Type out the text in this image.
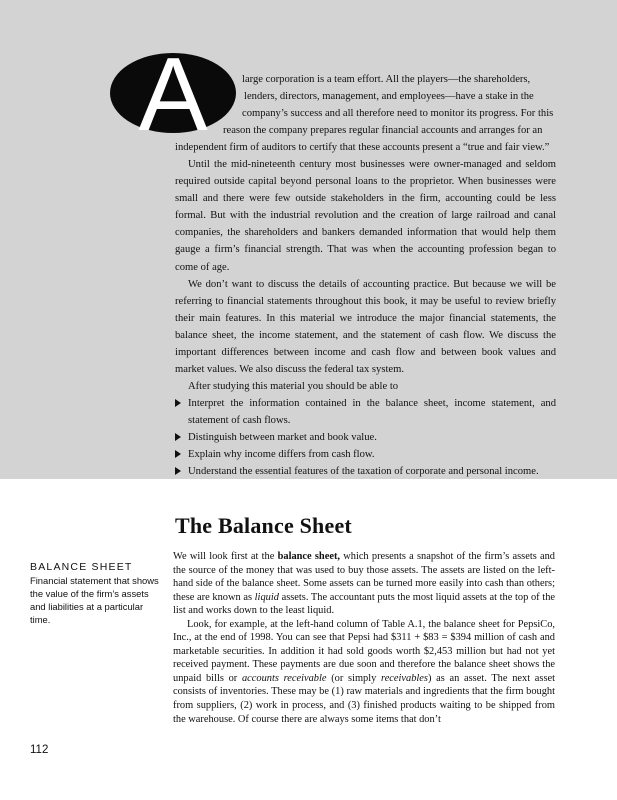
A	large corporation is a team effort. All the players—the shareholders,
lenders, directors, management, and employees—have a stake in the
company’s success and all therefore need to monitor its progress. For this
reason the company prepares regular financial accounts and arranges for an
independent firm of auditors to certify that these accounts present a “true and fair view.”

Until the mid-nineteenth century most businesses were owner-managed and seldom required outside capital beyond personal loans to the proprietor. When businesses were small and there were few outside stakeholders in the firm, accounting could be less formal. But with the industrial revolution and the creation of large railroad and canal companies, the shareholders and bankers demanded information that would help them gauge a firm’s financial strength. That was when the accounting profession began to come of age.

We don’t want to discuss the details of accounting practice. But because we will be referring to financial statements throughout this book, it may be useful to review briefly their main features. In this material we introduce the major financial statements, the balance sheet, the income statement, and the statement of cash flow. We discuss the important differences between income and cash flow and between book values and market values. We also discuss the federal tax system.

After studying this material you should be able to

Interpret the information contained in the balance sheet, income statement, and statement of cash flows.
Distinguish between market and book value.
Explain why income differs from cash flow.
Understand the essential features of the taxation of corporate and personal income.
The Balance Sheet

We will look first at the balance sheet, which presents a snapshot of the firm’s assets and the source of the money that was used to buy those assets. The assets are listed on the left-hand side of the balance sheet. Some assets can be turned more easily into cash than others; these are known as liquid assets. The accountant puts the most liquid assets at the top of the list and works down to the least liquid.

Look, for example, at the left-hand column of Table A.1, the balance sheet for PepsiCo, Inc., at the end of 1998. You can see that Pepsi had $311 + $83 = $394 million of cash and marketable securities. In addition it had sold goods worth $2,453 million but had not yet received payment. These payments are due soon and therefore the balance sheet shows the unpaid bills or accounts receivable (or simply receivables) as an asset. The next asset consists of inventories. These may be (1) raw materials and ingredients that the firm bought from suppliers, (2) work in process, and (3) finished products waiting to be shipped from the warehouse. Of course there are always some items that don’t

BALANCE SHEET
Financial statement that shows the value of the firm’s assets and liabilities at a particular time.
112
